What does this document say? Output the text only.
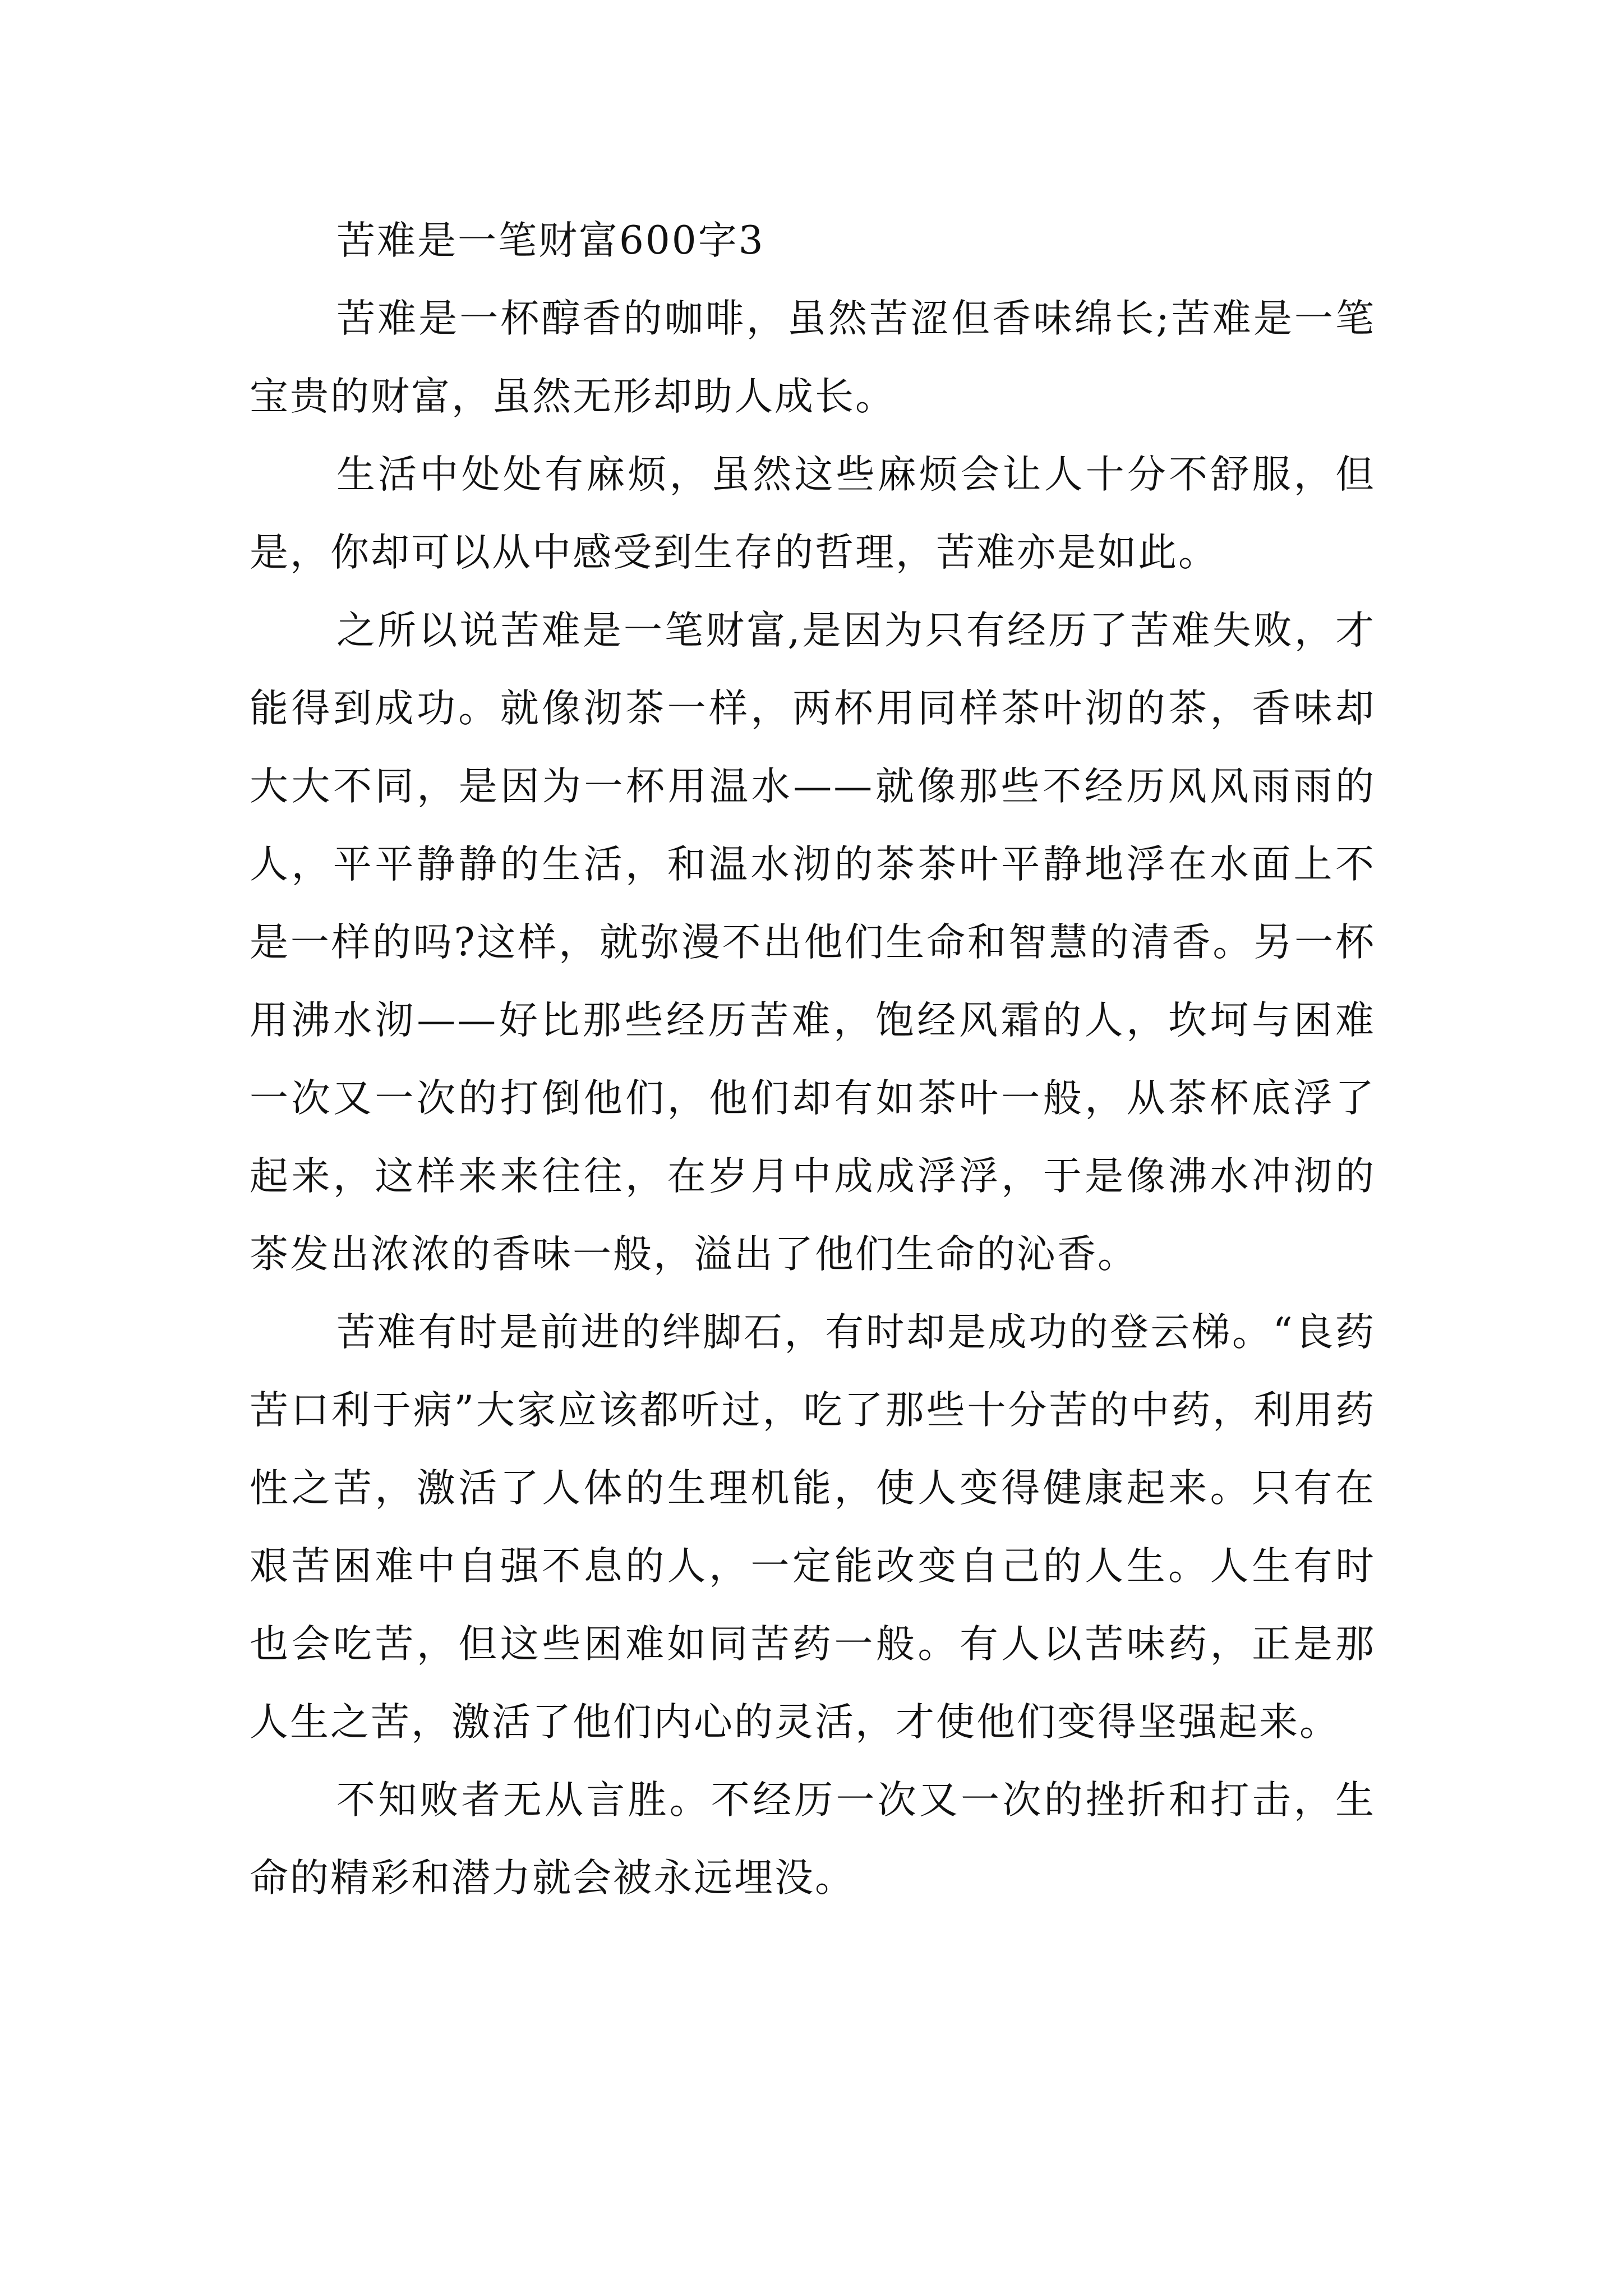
苦难是一笔财富600字3

苦难是一杯醇香的咖啡，虽然苦涩但香味绵长;苦难是一笔宝贵的财富，虽然无形却助人成长。

生活中处处有麻烦，虽然这些麻烦会让人十分不舒服，但是，你却可以从中感受到生存的哲理，苦难亦是如此。

之所以说苦难是一笔财富,是因为只有经历了苦难失败，才能得到成功。就像沏茶一样，两杯用同样茶叶沏的茶，香味却大大不同，是因为一杯用温水——就像那些不经历风风雨雨的人，平平静静的生活，和温水沏的茶茶叶平静地浮在水面上不是一样的吗?这样，就弥漫不出他们生命和智慧的清香。另一杯用沸水沏——好比那些经历苦难，饱经风霜的人，坎坷与困难一次又一次的打倒他们，他们却有如茶叶一般，从茶杯底浮了起来，这样来来往往，在岁月中成成浮浮，于是像沸水冲沏的茶发出浓浓的香味一般，溢出了他们生命的沁香。

苦难有时是前进的绊脚石，有时却是成功的登云梯。“良药苦口利于病”大家应该都听过，吃了那些十分苦的中药，利用药性之苦，激活了人体的生理机能，使人变得健康起来。只有在艰苦困难中自强不息的人，一定能改变自己的人生。人生有时也会吃苦，但这些困难如同苦药一般。有人以苦味药，正是那人生之苦，激活了他们内心的灵活，才使他们变得坚强起来。

不知败者无从言胜。不经历一次又一次的挫折和打击，生命的精彩和潜力就会被永远埋没。
